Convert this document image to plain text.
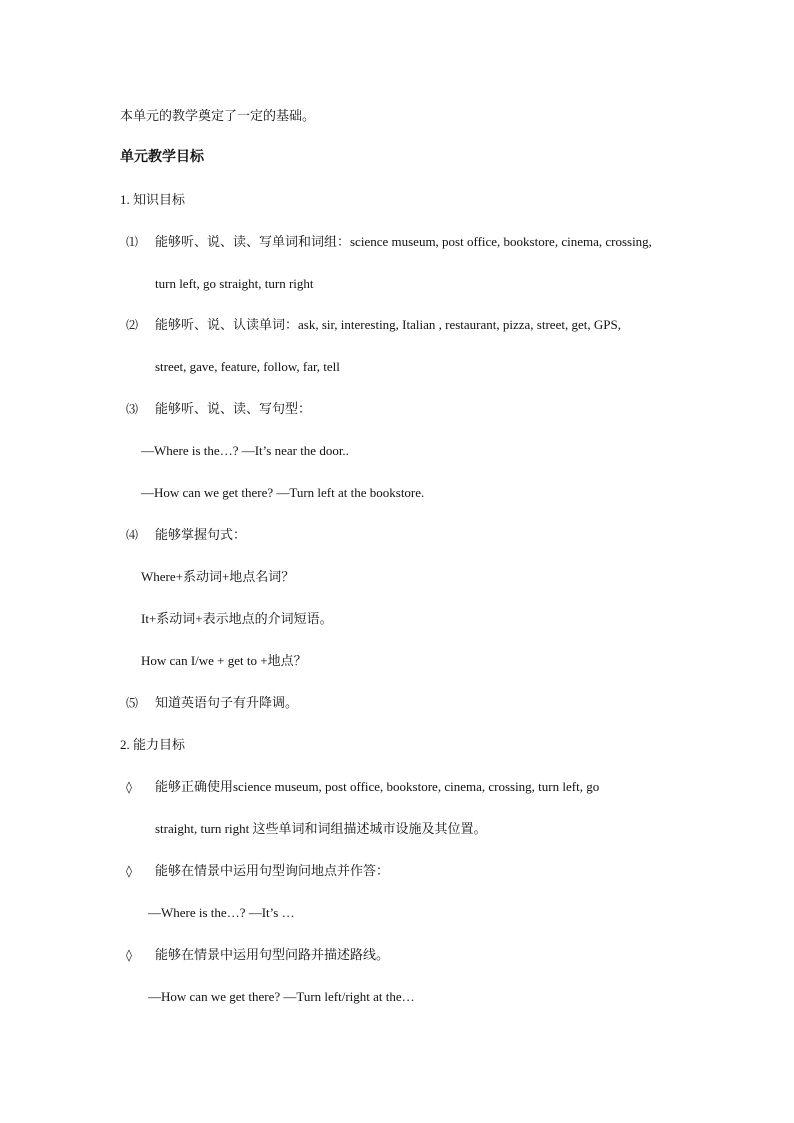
本单元的教学奠定了一定的基础。
单元教学目标
1. 知识目标
⑴ 能够听、说、读、写单词和词组：science museum, post office, bookstore, cinema, crossing,
turn left, go straight, turn right
⑵ 能够听、说、认读单词：ask, sir, interesting, Italian , restaurant, pizza, street, get, GPS,
street, gave, feature, follow, far, tell
⑶ 能够听、说、读、写句型：
—Where is the…? —It’s near the door..
—How can we get there? —Turn left at the bookstore.
⑷ 能够掌握句式：
Where+系动词+地点名词？
It+系动词+表示地点的介词短语。
How can I/we + get to +地点？
⑸ 知道英语句子有升降调。
2. 能力目标
◊ 能够正确使用science museum, post office, bookstore, cinema, crossing, turn left, go
straight, turn right 这些单词和词组描述城市设施及其位置。
◊ 能够在情景中运用句型询问地点并作答：
—Where is the…? —It’s …
◊ 能够在情景中运用句型问路并描述路线。
—How can we get there? —Turn left/right at the…
